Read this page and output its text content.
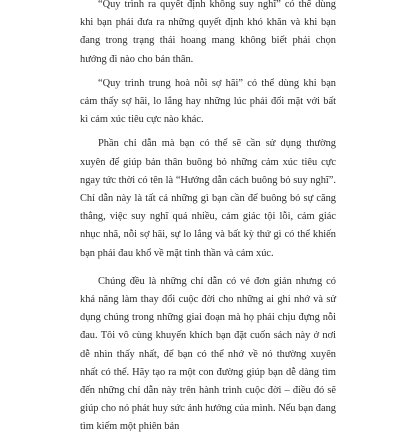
“Quy trình ra quyết định không suy nghĩ” có thể dùng khi bạn phải đưa ra những quyết định khó khăn và khi bạn đang trong trạng thái hoang mang không biết phải chọn hướng đi nào cho bản thân.

“Quy trình trung hoà nỗi sợ hãi” có thể dùng khi bạn cảm thấy sợ hãi, lo lắng hay những lúc phải đối mặt với bất kì cảm xúc tiêu cực nào khác.

Phần chỉ dẫn mà bạn có thể sẽ cần sử dụng thường xuyên để giúp bản thân buông bỏ những cảm xúc tiêu cực ngay tức thời có tên là “Hướng dẫn cách buông bỏ suy nghĩ”. Chỉ dẫn này là tất cả những gì bạn cần để buông bỏ sự căng thẳng, việc suy nghĩ quá nhiều, cảm giác tội lỗi, cảm giác nhục nhã, nỗi sợ hãi, sự lo lắng và bất kỳ thứ gì có thể khiến bạn phải đau khổ về mặt tinh thần và cảm xúc.

Chúng đều là những chỉ dẫn có vẻ đơn giản nhưng có khả năng làm thay đổi cuộc đời cho những ai ghi nhớ và sử dụng chúng trong những giai đoạn mà họ phải chịu đựng nỗi đau. Tôi vô cùng khuyến khích bạn đặt cuốn sách này ở nơi dễ nhìn thấy nhất, để bạn có thể nhớ về nó thường xuyên nhất có thể. Hãy tạo ra một con đường giúp bạn dễ dàng tìm đến những chỉ dẫn này trên hành trình cuộc đời – điều đó sẽ giúp cho nó phát huy sức ảnh hưởng của mình. Nếu bạn đang tìm kiếm một phiên bản
